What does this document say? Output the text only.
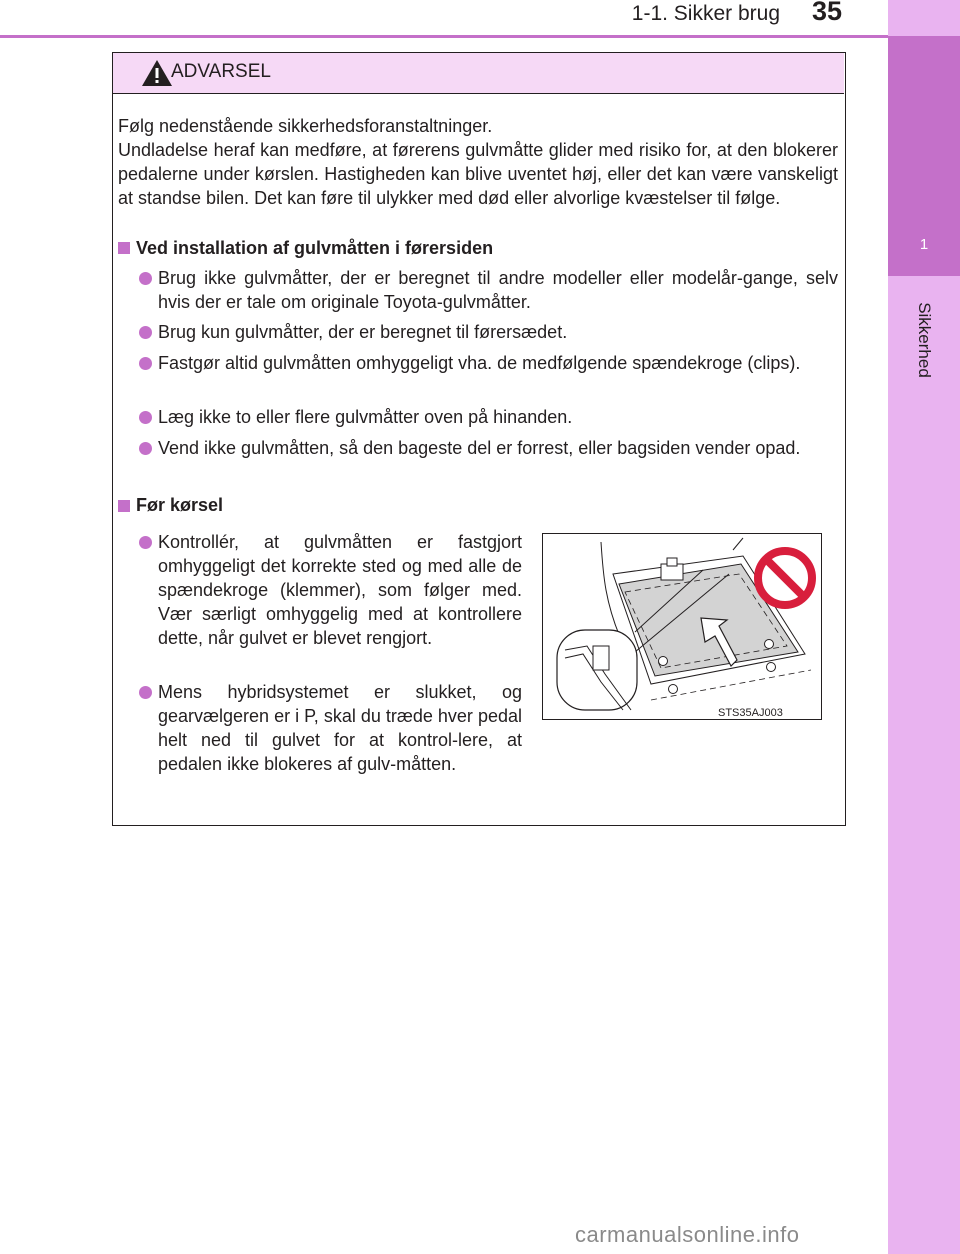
1
Sikkerhed
1-1. Sikker brug 35
ADVARSEL
Følg nedenstående sikkerhedsforanstaltninger.
Undladelse heraf kan medføre, at førerens gulvmåtte glider med risiko for, at den blokerer pedalerne under kørslen. Hastigheden kan blive uventet høj, eller det kan være vanskeligt at standse bilen. Det kan føre til ulykker med død eller alvorlige kvæstelser til følge.
Ved installation af gulvmåtten i førersiden
Brug ikke gulvmåtter, der er beregnet til andre modeller eller modelår-gange, selv hvis der er tale om originale Toyota-gulvmåtter.
Brug kun gulvmåtter, der er beregnet til førersædet.
Fastgør altid gulvmåtten omhyggeligt vha. de medfølgende spændekroge (clips).
Læg ikke to eller flere gulvmåtter oven på hinanden.
Vend ikke gulvmåtten, så den bageste del er forrest, eller bagsiden vender opad.
Før kørsel
Kontrollér, at gulvmåtten er fastgjort omhyggeligt det korrekte sted og med alle de spændekroge (klemmer), som følger med. Vær særligt omhyggelig med at kontrollere dette, når gulvet er blevet rengjort.
Mens hybridsystemet er slukket, og gearvælgeren er i P, skal du træde hver pedal helt ned til gulvet for at kontrol-lere, at pedalen ikke blokeres af gulv-måtten.
STS35AJ003
carmanualsonline.info
